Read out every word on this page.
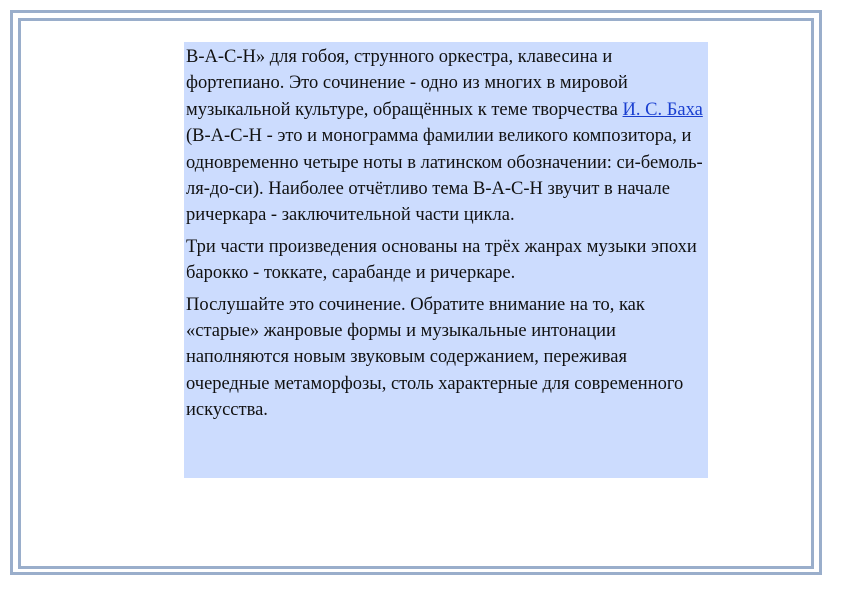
B-A-C-H» для гобоя, струнного оркестра, клавесина и фортепиано. Это сочинение - одно из многих в мировой музыкальной культуре, обращённых к теме творчества И. С. Баха (B-A-C-H - это и монограмма фамилии великого композитора, и одновременно четыре ноты в латинском обозначении: си-бемоль-ля-до-си). Наиболее отчётливо тема B-A-C-H звучит в начале ричеркара - заключительной части цикла.

Три части произведения основаны на трёх жанрах музыки эпохи барокко - токкате, сарабанде и ричеркаре.

Послушайте это сочинение. Обратите внимание на то, как «старые» жанровые формы и музыкальные интонации наполняются новым звуковым содержанием, переживая очередные метаморфозы, столь характерные для современного искусства.
